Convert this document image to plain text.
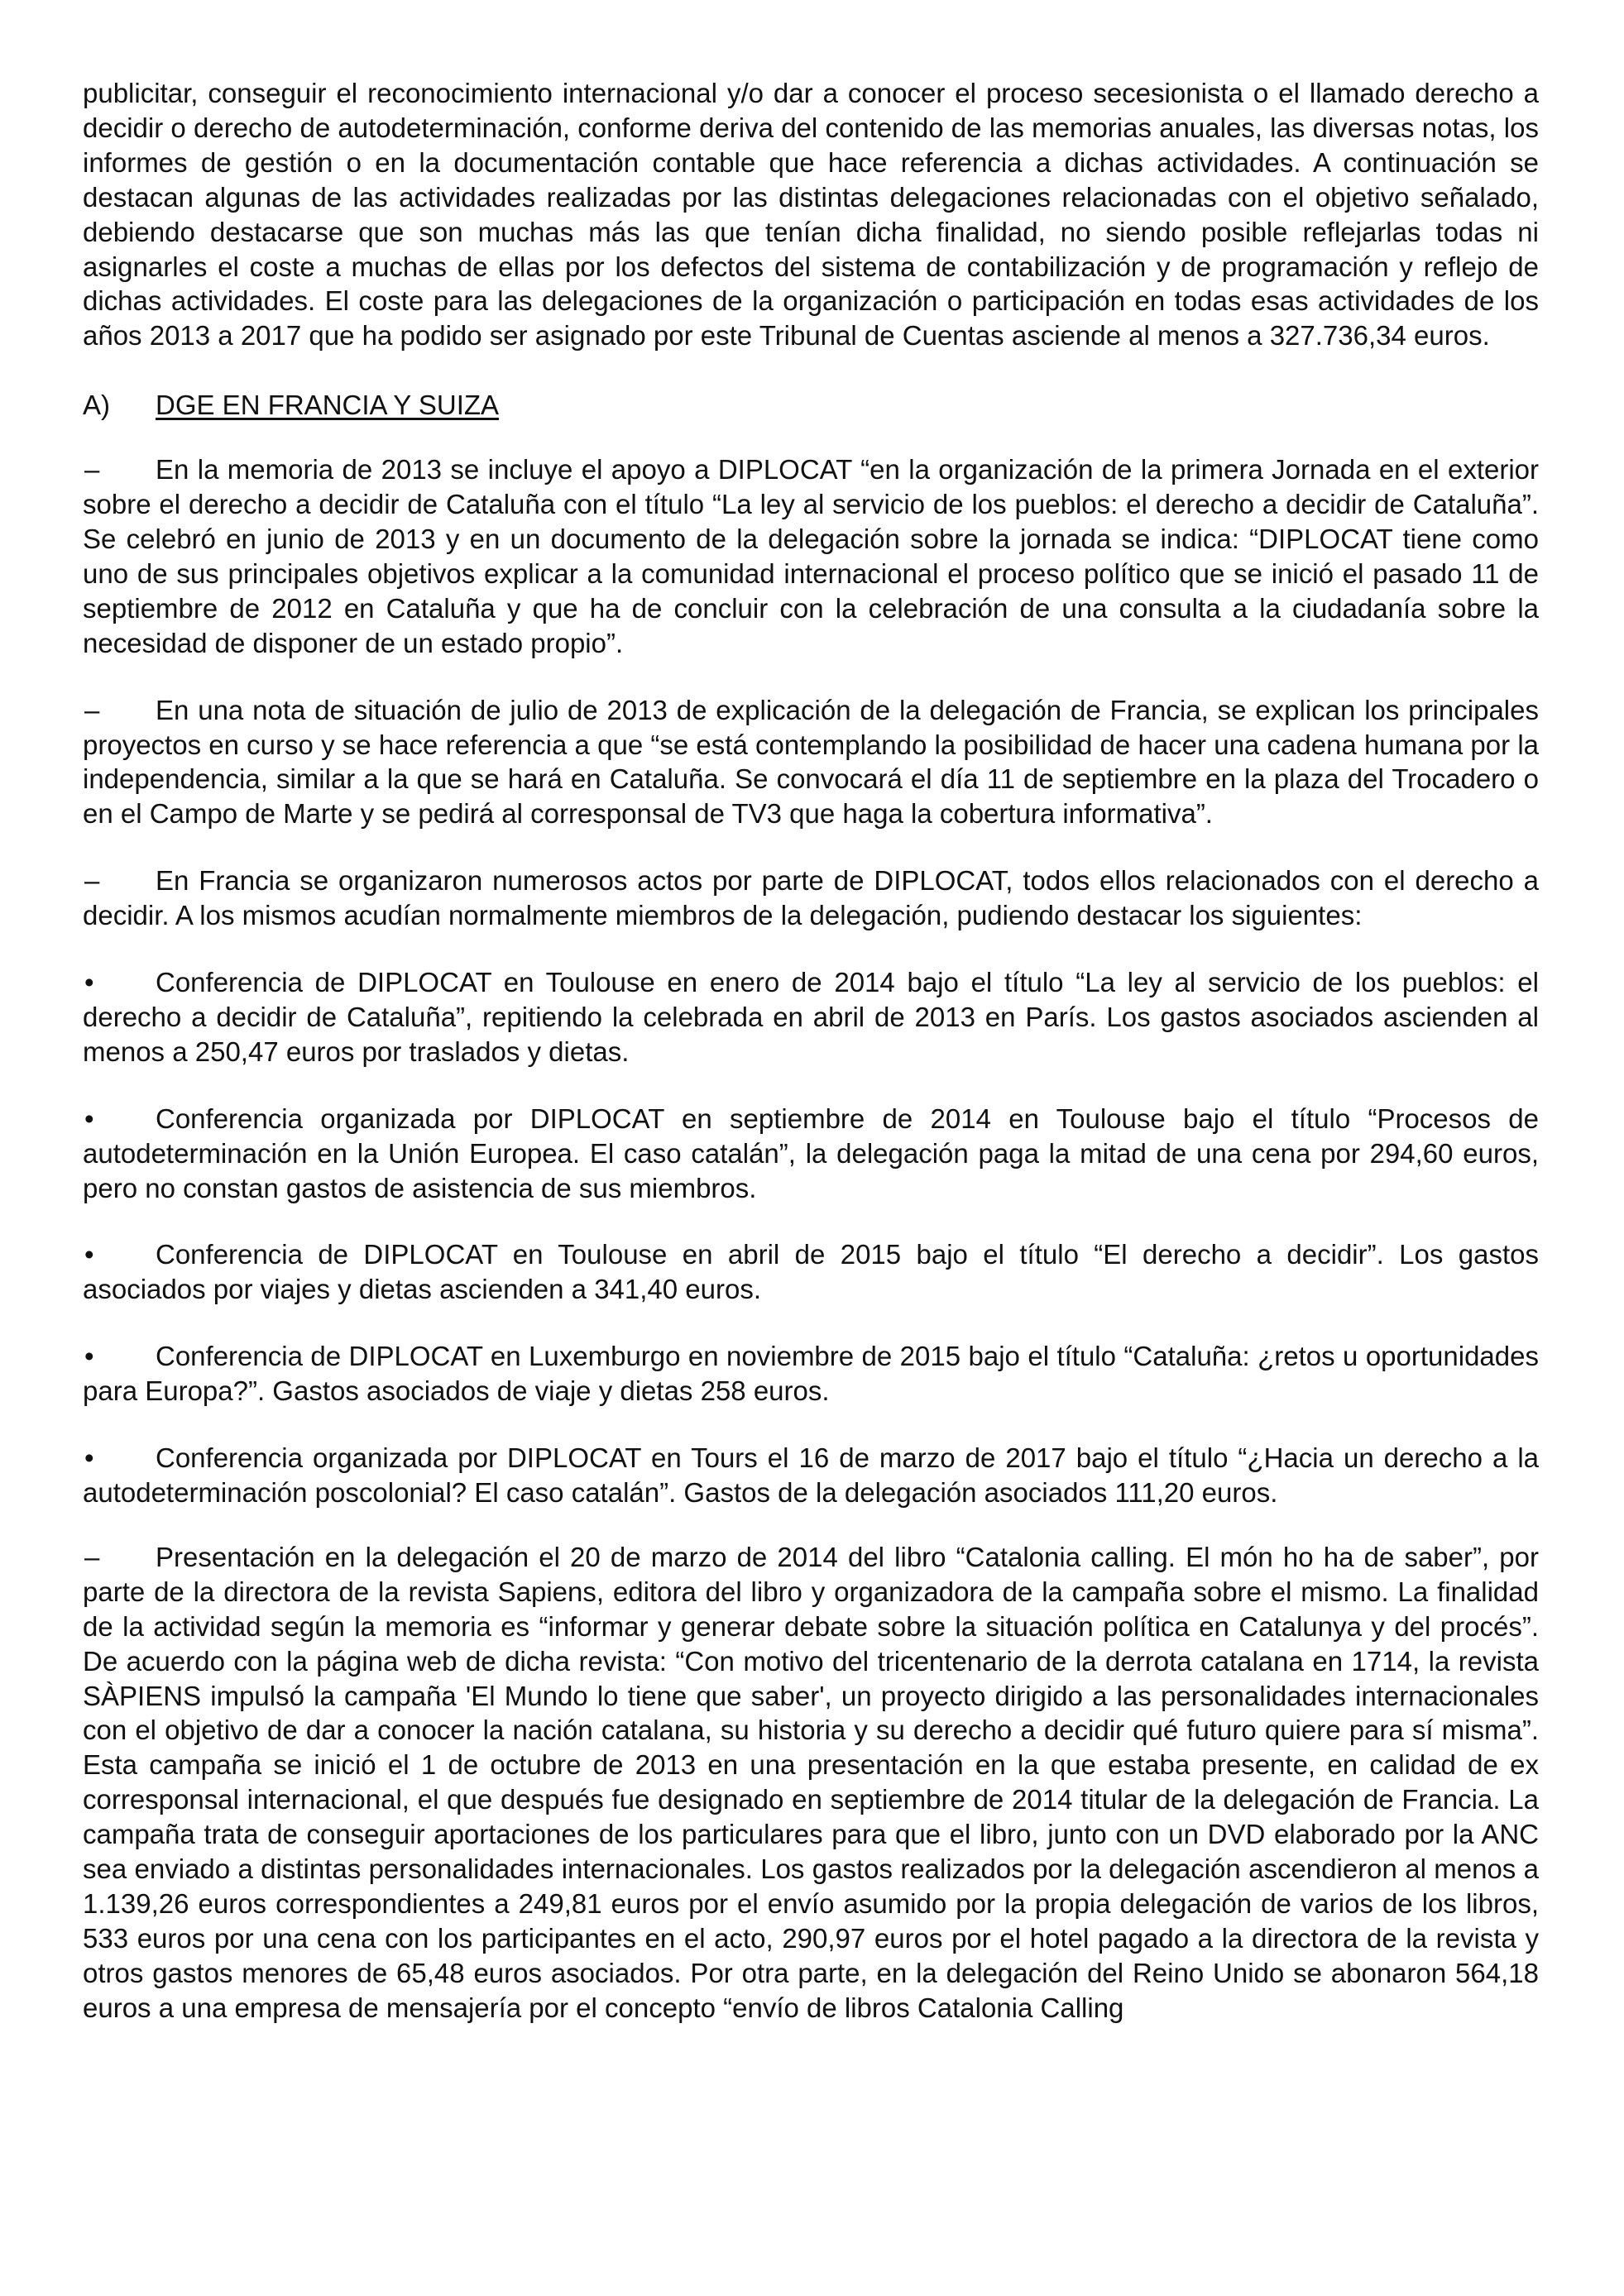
publicitar, conseguir el reconocimiento internacional y/o dar a conocer el proceso secesionista o el llamado derecho a decidir o derecho de autodeterminación, conforme deriva del contenido de las memorias anuales, las diversas notas, los informes de gestión o en la documentación contable que hace referencia a dichas actividades. A continuación se destacan algunas de las actividades realizadas por las distintas delegaciones relacionadas con el objetivo señalado, debiendo destacarse que son muchas más las que tenían dicha finalidad, no siendo posible reflejarlas todas ni asignarles el coste a muchas de ellas por los defectos del sistema de contabilización y de programación y reflejo de dichas actividades. El coste para las delegaciones de la organización o participación en todas esas actividades de los años 2013 a 2017 que ha podido ser asignado por este Tribunal de Cuentas asciende al menos a 327.736,34 euros.

A)	DGE EN FRANCIA Y SUIZA

– En la memoria de 2013 se incluye el apoyo a DIPLOCAT “en la organización de la primera Jornada en el exterior sobre el derecho a decidir de Cataluña con el título “La ley al servicio de los pueblos: el derecho a decidir de Cataluña”. Se celebró en junio de 2013 y en un documento de la delegación sobre la jornada se indica: “DIPLOCAT tiene como uno de sus principales objetivos explicar a la comunidad internacional el proceso político que se inició el pasado 11 de septiembre de 2012 en Cataluña y que ha de concluir con la celebración de una consulta a la ciudadanía sobre la necesidad de disponer de un estado propio”.

– En una nota de situación de julio de 2013 de explicación de la delegación de Francia, se explican los principales proyectos en curso y se hace referencia a que “se está contemplando la posibilidad de hacer una cadena humana por la independencia, similar a la que se hará en Cataluña. Se convocará el día 11 de septiembre en la plaza del Trocadero o en el Campo de Marte y se pedirá al corresponsal de TV3 que haga la cobertura informativa”.

– En Francia se organizaron numerosos actos por parte de DIPLOCAT, todos ellos relacionados con el derecho a decidir. A los mismos acudían normalmente miembros de la delegación, pudiendo destacar los siguientes:

• Conferencia de DIPLOCAT en Toulouse en enero de 2014 bajo el título “La ley al servicio de los pueblos: el derecho a decidir de Cataluña”, repitiendo la celebrada en abril de 2013 en París. Los gastos asociados ascienden al menos a 250,47 euros por traslados y dietas.

• Conferencia organizada por DIPLOCAT en septiembre de 2014 en Toulouse bajo el título “Procesos de autodeterminación en la Unión Europea. El caso catalán”, la delegación paga la mitad de una cena por 294,60 euros, pero no constan gastos de asistencia de sus miembros.

• Conferencia de DIPLOCAT en Toulouse en abril de 2015 bajo el título “El derecho a decidir”. Los gastos asociados por viajes y dietas ascienden a 341,40 euros.

• Conferencia de DIPLOCAT en Luxemburgo en noviembre de 2015 bajo el título “Cataluña: ¿retos u oportunidades para Europa?”. Gastos asociados de viaje y dietas 258 euros.

• Conferencia organizada por DIPLOCAT en Tours el 16 de marzo de 2017 bajo el título “¿Hacia un derecho a la autodeterminación poscolonial? El caso catalán”. Gastos de la delegación asociados 111,20 euros.

– Presentación en la delegación el 20 de marzo de 2014 del libro “Catalonia calling. El món ho ha de saber”, por parte de la directora de la revista Sapiens, editora del libro y organizadora de la campaña sobre el mismo. La finalidad de la actividad según la memoria es “informar y generar debate sobre la situación política en Catalunya y del procés”. De acuerdo con la página web de dicha revista: “Con motivo del tricentenario de la derrota catalana en 1714, la revista SÀPIENS impulsó la campaña 'El Mundo lo tiene que saber', un proyecto dirigido a las personalidades internacionales con el objetivo de dar a conocer la nación catalana, su historia y su derecho a decidir qué futuro quiere para sí misma”. Esta campaña se inició el 1 de octubre de 2013 en una presentación en la que estaba presente, en calidad de ex corresponsal internacional, el que después fue designado en septiembre de 2014 titular de la delegación de Francia. La campaña trata de conseguir aportaciones de los particulares para que el libro, junto con un DVD elaborado por la ANC sea enviado a distintas personalidades internacionales. Los gastos realizados por la delegación ascendieron al menos a 1.139,26 euros correspondientes a 249,81 euros por el envío asumido por la propia delegación de varios de los libros, 533 euros por una cena con los participantes en el acto, 290,97 euros por el hotel pagado a la directora de la revista y otros gastos menores de 65,48 euros asociados. Por otra parte, en la delegación del Reino Unido se abonaron 564,18 euros a una empresa de mensajería por el concepto “envío de libros Catalonia Calling
